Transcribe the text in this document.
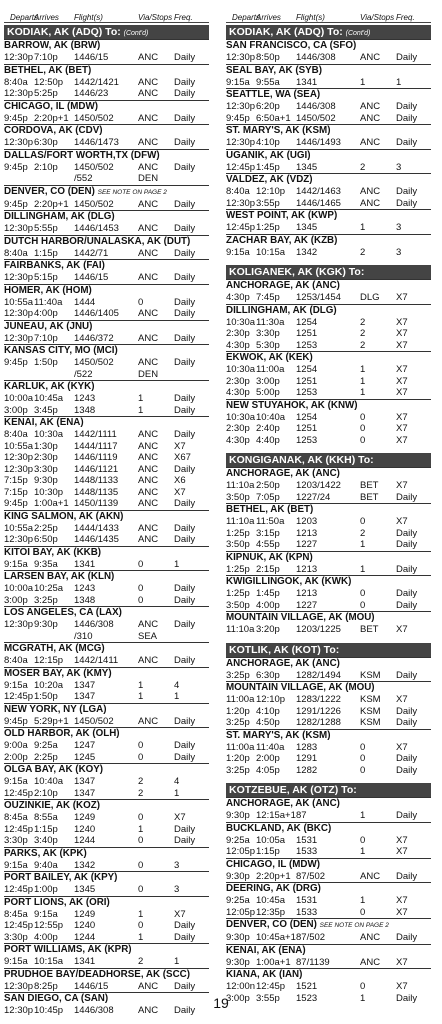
Departs
Arrives	Flight(s)	Via/Stops Freq.
KODIAK, AK (ADQ) To: (Cont'd)
BARROW, AK (BRW)
12:30p 7:10p	1446/15	ANC	Daily
BETHEL, AK (BET)
8:40a 12:50p	1442/1421	ANC	Daily
12:30p 5:25p	1446/23	ANC	Daily
CHICAGO, IL (MDW)
9:45p 2:20p+1 1450/502	ANC	Daily
CORDOVA, AK (CDV)
12:30p 6:30p	1446/1473	ANC	Daily
DALLAS/FORT WORTH,TX (DFW)
9:45p 2:10p	1450/502	ANC	Daily
/552	DEN
DENVER, CO (DEN) SEE NOTE ON PAGE 2
9:45p 2:20p+1 1450/502	ANC	Daily
DILLINGHAM, AK (DLG)
12:30p 5:55p	1446/1453	ANC	Daily
DUTCH HARBOR/UNALASKA, AK (DUT)
8:40a 1:15p	1442/71	ANC	Daily
FAIRBANKS, AK (FAI)
12:30p 5:15p	1446/15	ANC	Daily
HOMER, AK (HOM)
10:55a 11:40a	1444	0	Daily
12:30p 4:00p	1446/1405	ANC	Daily
JUNEAU, AK (JNU)
12:30p 7:10p	1446/372	ANC	Daily
KANSAS CITY, MO (MCI)
9:45p 1:50p	1450/502	ANC	Daily
/522	DEN
KARLUK, AK (KYK)
10:00a 10:45a	1243	1	Daily
3:00p 3:45p	1348	1	Daily
KENAI, AK (ENA)
8:40a 10:30a	1442/1111	ANC	Daily
10:55a 1:30p	1444/1117	ANC	X7
12:30p 2:30p	1446/1119	ANC	X67
12:30p 3:30p	1446/1121	ANC	Daily
7:15p 9:30p	1448/1133	ANC	X6
7:15p 10:30p	1448/1135	ANC	X7
9:45p 1:00a+1 1450/1139	ANC	Daily
KING SALMON, AK (AKN)
10:55a 2:25p	1444/1433	ANC	Daily
12:30p 6:50p	1446/1435	ANC	Daily
KITOI BAY, AK (KKB)
9:15a 9:35a	1341	0	1
LARSEN BAY, AK (KLN)
10:00a 10:25a	1243	0	Daily
3:00p 3:25p	1348	0	Daily
LOS ANGELES, CA (LAX)
12:30p 9:30p	1446/308	ANC	Daily
/310	SEA
MCGRATH, AK (MCG)
8:40a 12:15p	1442/1411	ANC	Daily
MOSER BAY, AK (KMY)
9:15a 10:20a	1347	1	4
12:45p 1:50p	1347	1	1
NEW YORK, NY (LGA)
9:45p 5:29p+1 1450/502	ANC	Daily
OLD HARBOR, AK (OLH)
9:00a 9:25a	1247	0	Daily
2:00p 2:25p	1245	0	Daily
OLGA BAY, AK (KOY)
9:15a 10:40a	1347	2	4
12:45p 2:10p	1347	2	1
OUZINKIE, AK (KOZ)
8:45a 8:55a	1249	0	X7
12:45p 1:15p	1240	1	Daily
3:30p 3:40p	1244	0	Daily
PARKS, AK (KPK)
9:15a 9:40a	1342	0	3
PORT BAILEY, AK (KPY)
12:45p 1:00p	1345	0	3
PORT LIONS, AK (ORI)
8:45a 9:15a	1249	1	X7
12:45p 12:55p	1240	0	Daily
3:30p 4:00p	1244	1	Daily
PORT WILLIAMS, AK (KPR)
9:15a 10:15a	1341	2	1
PRUDHOE BAY/DEADHORSE, AK (SCC)
12:30p 8:25p	1446/15	ANC	Daily
SAN DIEGO, CA (SAN)
12:30p 10:45p	1446/308	ANC	Daily
Departs
Arrives	Flight(s)	Via/Stops Freq.
KODIAK, AK (ADQ) To: (Cont'd)
SAN FRANCISCO, CA (SFO)
12:30p 8:50p	1446/308	ANC	Daily
SEAL BAY, AK (SYB)
9:15a 9:55a	1341	1	1
SEATTLE, WA (SEA)
12:30p 6:20p	1446/308	ANC	Daily
9:45p 6:50a+1 1450/502	ANC	Daily
ST. MARY'S, AK (KSM)
12:30p 4:10p	1446/1493	ANC	Daily
UGANIK, AK (UGI)
12:45p 1:45p	1345	2	3
VALDEZ, AK (VDZ)
8:40a 12:10p	1442/1463	ANC	Daily
12:30p 3:55p	1446/1465	ANC	Daily
WEST POINT, AK (KWP)
12:45p 1:25p	1345	1	3
ZACHAR BAY, AK (KZB)
9:15a 10:15a	1342	2	3
KOLIGANEK, AK (KGK) To:
ANCHORAGE, AK (ANC)
4:30p 7:45p	1253/1454	DLG	X7
DILLINGHAM, AK (DLG)
10:30a 11:30a	1254	2	X7
2:30p 3:30p	1251	2	X7
4:30p 5:30p	1253	2	X7
EKWOK, AK (KEK)
10:30a 11:00a	1254	1	X7
2:30p 3:00p	1251	1	X7
4:30p 5:00p	1253	1	X7
NEW STUYAHOK, AK (KNW)
10:30a 10:40a	1254	0	X7
2:30p 2:40p	1251	0	X7
4:30p 4:40p	1253	0	X7
KONGIGANAK, AK (KKH) To:
ANCHORAGE, AK (ANC)
11:10a 2:50p	1203/1422	BET	X7
3:50p 7:05p	1227/24	BET	Daily
BETHEL, AK (BET)
11:10a 11:50a	1203	0	X7
1:25p 3:15p	1213	2	Daily
3:50p 4:55p	1227	1	Daily
KIPNUK, AK (KPN)
1:25p 2:15p	1213	1	Daily
KWIGILLINGOK, AK (KWK)
1:25p 1:45p	1213	0	Daily
3:50p 4:00p	1227	0	Daily
MOUNTAIN VILLAGE, AK (MOU)
11:10a 3:20p	1203/1225	BET	X7
KOTLIK, AK (KOT) To:
ANCHORAGE, AK (ANC)
3:25p 6:30p	1282/1494	KSM	Daily
MOUNTAIN VILLAGE, AK (MOU)
11:00a 12:10p	1283/1222	KSM	X7
1:20p 4:10p	1291/1226	KSM	Daily
3:25p 4:50p	1282/1288	KSM	Daily
ST. MARY'S, AK (KSM)
11:00a 11:40a	1283	0	X7
1:20p 2:00p	1291	0	Daily
3:25p 4:05p	1282	0	Daily
KOTZEBUE, AK (OTZ) To:
ANCHORAGE, AK (ANC)
9:30p 12:15a+1 87	1	Daily
BUCKLAND, AK (BKC)
9:25a 10:05a	1531	0	X7
12:05p 1:15p	1533	1	X7
CHICAGO, IL (MDW)
9:30p 2:20p+1 87/502	ANC	Daily
DEERING, AK (DRG)
9:25a 10:45a	1531	1	X7
12:05p 12:35p	1533	0	X7
DENVER, CO (DEN) SEE NOTE ON PAGE 2
9:30p 10:45a+1 87/502	ANC	Daily
KENAI, AK (ENA)
9:30p 1:00a+1 87/1139	ANC	X7
KIANA, AK (IAN)
12:00n 12:45p	1521	0	X7
3:00p 3:55p	1523	1	Daily
19
